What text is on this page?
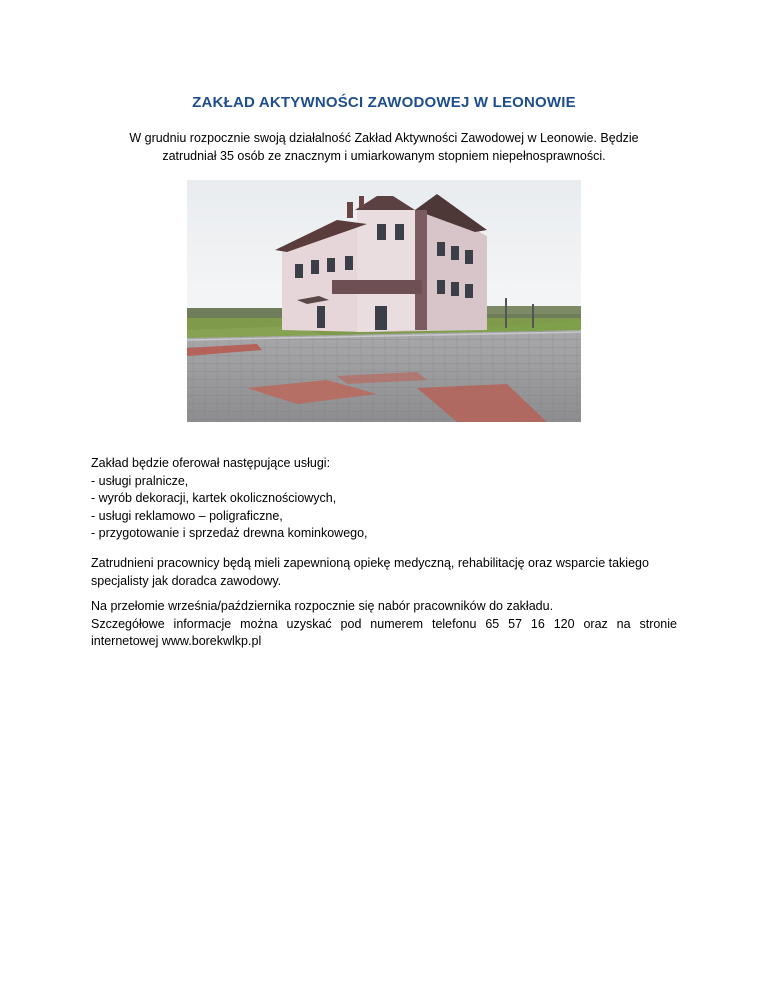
ZAKŁAD AKTYWNOŚCI ZAWODOWEJ W LEONOWIE
W grudniu rozpocznie swoją działalność Zakład Aktywności Zawodowej w Leonowie. Będzie
zatrudniał 35 osób ze znacznym i umiarkowanym stopniem niepełnosprawności.
Zakład będzie oferował następujące usługi:
- usługi pralnicze,
- wyrób dekoracji, kartek okolicznościowych,
- usługi reklamowo – poligraficzne,
- przygotowanie i sprzedaż drewna kominkowego,
Zatrudnieni pracownicy będą mieli zapewnioną opiekę medyczną, rehabilitację oraz wsparcie takiego specjalisty jak doradca zawodowy.
Na przełomie września/października rozpocznie się nabór pracowników do zakładu.
Szczegółowe informacje można uzyskać pod numerem telefonu 65 57 16 120 oraz na stronie internetowej www.borekwlkp.pl
